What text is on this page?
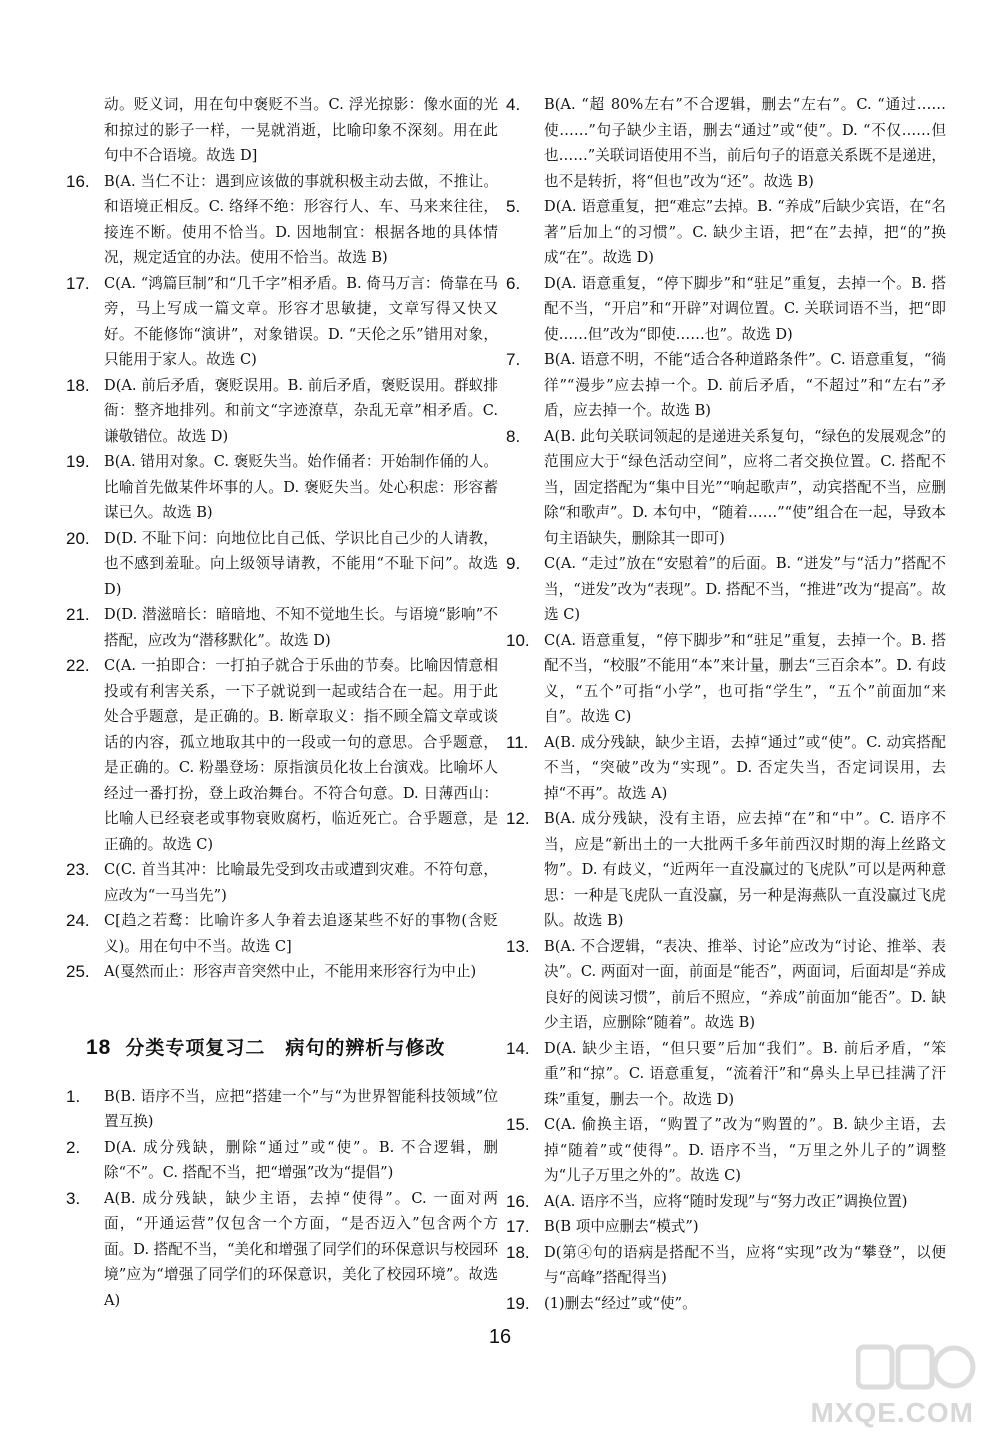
动。贬义词，用在句中褒贬不当。C. 浮光掠影：像水面的光和掠过的影子一样，一晃就消逝，比喻印象不深刻。用在此句中不合语境。故选 D]

16. B(A. 当仁不让：遇到应该做的事就积极主动去做，不推让。和语境正相反。C. 络绎不绝：形容行人、车、马来来往往，接连不断。使用不恰当。D. 因地制宜：根据各地的具体情况，规定适宜的办法。使用不恰当。故选 B)

17. C(A. “鸿篇巨制”和“几千字”相矛盾。B. 倚马万言：倚靠在马旁，马上写成一篇文章。形容才思敏捷，文章写得又快又好。不能修饰“演讲”，对象错误。D. “天伦之乐”错用对象，只能用于家人。故选 C)

18. D(A. 前后矛盾，褒贬误用。B. 前后矛盾，褒贬误用。群蚁排衙：整齐地排列。和前文“字迹潦草，杂乱无章”相矛盾。C. 谦敬错位。故选 D)

19. B(A. 错用对象。C. 褒贬失当。始作俑者：开始制作俑的人。比喻首先做某件坏事的人。D. 褒贬失当。处心积虑：形容蓄谋已久。故选 B)

20. D(D. 不耻下问：向地位比自己低、学识比自己少的人请教，也不感到羞耻。向上级领导请教，不能用“不耻下问”。故选 D)

21. D(D. 潜滋暗长：暗暗地、不知不觉地生长。与语境“影响”不搭配，应改为“潜移默化”。故选 D)

22. C(A. 一拍即合：一打拍子就合于乐曲的节奏。比喻因情意相投或有利害关系，一下子就说到一起或结合在一起。用于此处合乎题意，是正确的。B. 断章取义：指不顾全篇文章或谈话的内容，孤立地取其中的一段或一句的意思。合乎题意，是正确的。C. 粉墨登场：原指演员化妆上台演戏。比喻坏人经过一番打扮，登上政治舞台。不符合句意。D. 日薄西山：比喻人已经衰老或事物衰败腐朽，临近死亡。合乎题意，是正确的。故选 C)

23. C(C. 首当其冲：比喻最先受到攻击或遭到灾难。不符句意，应改为“一马当先”)

24. C[趋之若鹜：比喻许多人争着去追逐某些不好的事物(含贬义)。用在句中不当。故选 C]

25. A(戛然而止：形容声音突然中止，不能用来形容行为中止)

18 分类专项复习二　病句的辨析与修改

1.	B(B. 语序不当，应把“搭建一个”与“为世界智能科技领域”位置互换)

2.	D(A. 成分残缺，删除“通过”或“使”。B. 不合逻辑，删除“不”。C. 搭配不当，把“增强”改为“提倡”)

3.	A(B. 成分残缺，缺少主语，去掉“使得”。C. 一面对两面，“开通运营”仅包含一个方面，“是否迈入”包含两个方面。D. 搭配不当，“美化和增强了同学们的环保意识与校园环境”应为“增强了同学们的环保意识，美化了校园环境”。故选 A)

4.	B(A. “超 80%左右”不合逻辑，删去“左右”。C. “通过……使……”句子缺少主语，删去“通过”或“使”。D. “不仅……但也……”关联词语使用不当，前后句子的语意关系既不是递进，也不是转折，将“但也”改为“还”。故选 B)

5.	D(A. 语意重复，把“难忘”去掉。B. “养成”后缺少宾语，在“名著”后加上“的习惯”。C. 缺少主语，把“在”去掉，把“的”换成“在”。故选 D)

6.	D(A. 语意重复，“停下脚步”和“驻足”重复，去掉一个。B. 搭配不当，“开启”和“开辟”对调位置。C. 关联词语不当，把“即使……但”改为“即使……也”。故选 D)

7.	B(A. 语意不明，不能“适合各种道路条件”。C. 语意重复，“徜徉”“漫步”应去掉一个。D. 前后矛盾，“不超过”和“左右”矛盾，应去掉一个。故选 B)

8.	A(B. 此句关联词领起的是递进关系复句，“绿色的发展观念”的范围应大于“绿色活动空间”，应将二者交换位置。C. 搭配不当，固定搭配为“集中目光”“响起歌声”，动宾搭配不当，应删除“和歌声”。D. 本句中，“随着……”“使”组合在一起，导致本句主语缺失，删除其一即可)

9.	C(A. “走过”放在“安慰着”的后面。B. “迸发”与“活力”搭配不当，“迸发”改为“表现”。D. 搭配不当，“推进”改为“提高”。故选 C)

10. C(A. 语意重复，“停下脚步”和“驻足”重复，去掉一个。B. 搭配不当，“校服”不能用“本”来计量，删去“三百余本”。D. 有歧义，“五个”可指“小学”，也可指“学生”，“五个”前面加“来自”。故选 C)

11.	A(B. 成分残缺，缺少主语，去掉“通过”或“使”。C. 动宾搭配不当，“突破”改为“实现”。D. 否定失当，否定词误用，去掉“不再”。故选 A)

12. B(A. 成分残缺，没有主语，应去掉“在”和“中”。C. 语序不当，应是“新出土的一大批两千多年前西汉时期的海上丝路文物”。D. 有歧义，“近两年一直没赢过的飞虎队”可以是两种意思：一种是飞虎队一直没赢，另一种是海燕队一直没赢过飞虎队。故选 B)

13. B(A. 不合逻辑，“表决、推举、讨论”应改为“讨论、推举、表决”。C. 两面对一面，前面是“能否”，两面词，后面却是“养成良好的阅读习惯”，前后不照应，“养成”前面加“能否”。D. 缺少主语，应删除“随着”。故选 B)

14. D(A. 缺少主语，“但只要”后加“我们”。B. 前后矛盾，“笨重”和“掠”。C. 语意重复，“流着汗”和“鼻头上早已挂满了汗珠”重复，删去一个。故选 D)

15. C(A. 偷换主语，“购置了”改为“购置的”。B. 缺少主语，去掉“随着”或“使得”。D. 语序不当，“万里之外儿子的”调整为“儿子万里之外的”。故选 C)

16. A(A. 语序不当，应将“随时发现”与“努力改正”调换位置)

17. B(B 项中应删去“模式”)

18. D(第④句的语病是搭配不当，应将“实现”改为“攀登”，以便与“高峰”搭配得当)

19. (1)删去“经过”或“使”。

16
MXQE.COM
